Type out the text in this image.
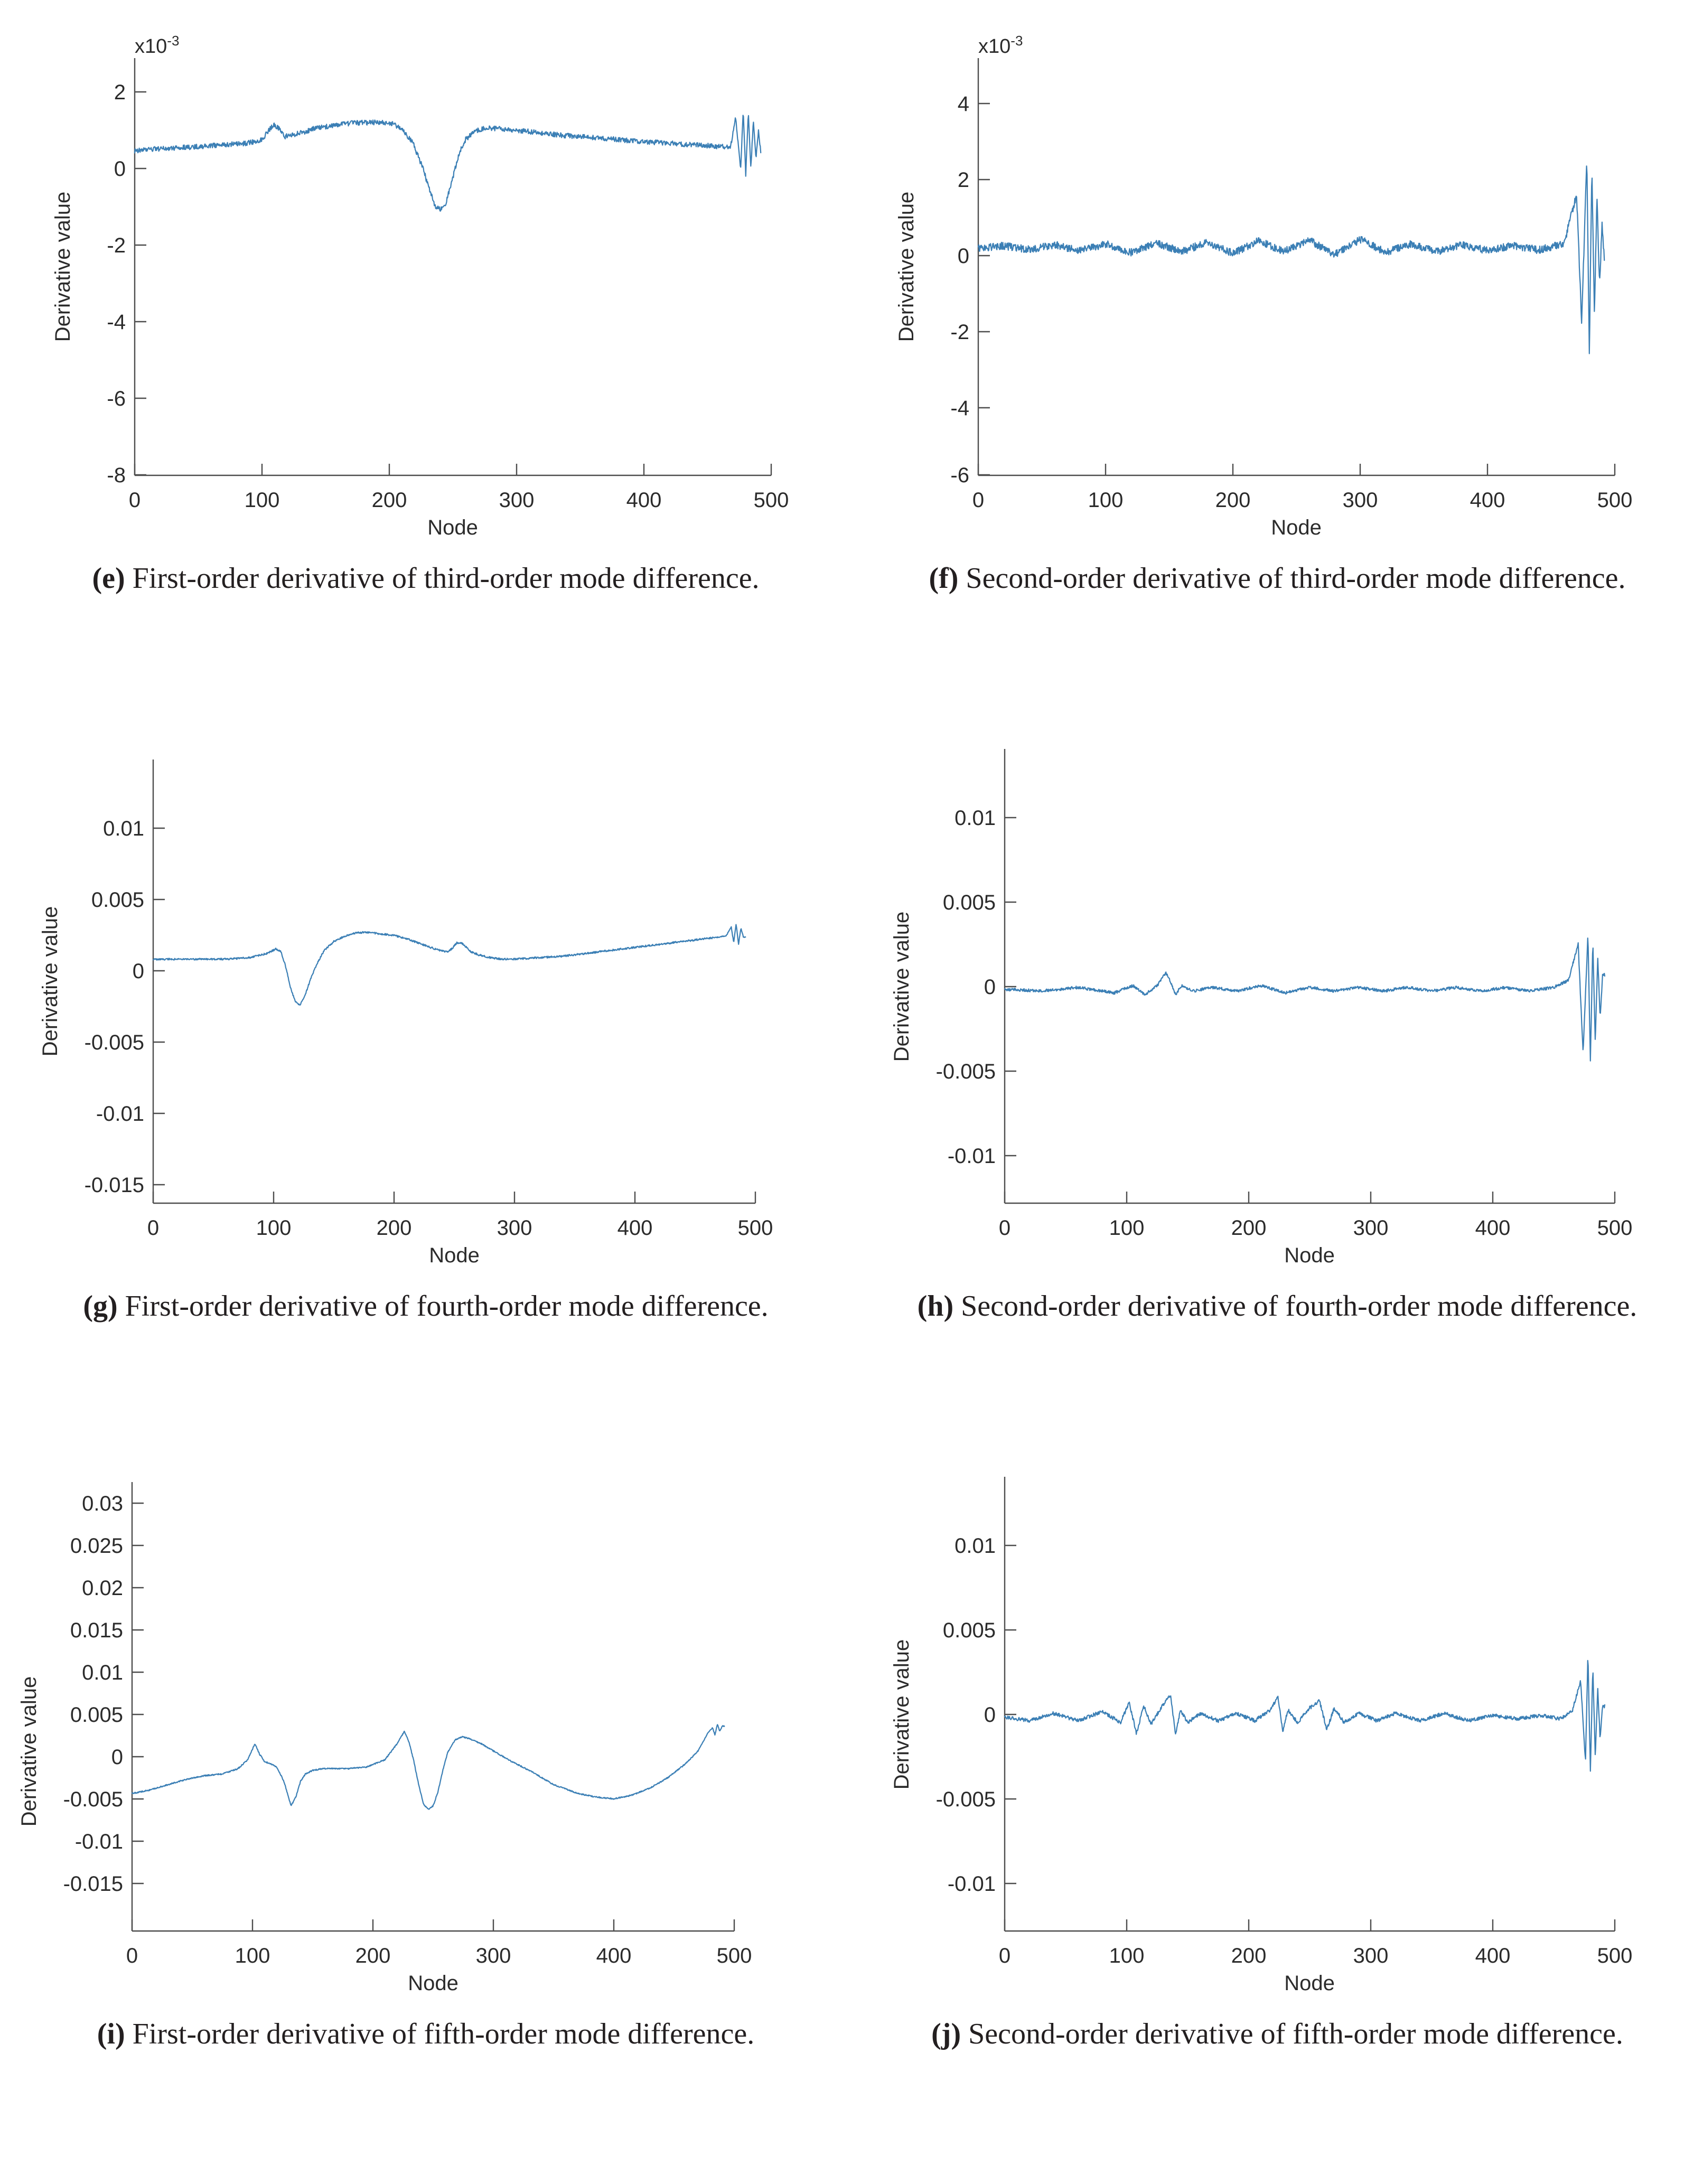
$x10^{-3}$
2
0
-2
-4
-6
-8
0	100	200	300	400	500
Node
Derivative value
(e) First-order derivative of third-order mode difference.
$x10^{-3}$
4
2
0
-2
-4
-6
0	100	200	300	400	500
Node
Derivative value
(f) Second-order derivative of third-order mode difference.
0.01
0.005
0
-0.005
-0.01
-0.015
0	100	200	300	400	500
Node
Derivative value
(g) First-order derivative of fourth-order mode difference.
0.01
0.005
0
-0.005
-0.01
0	100	200	300	400	500
Node
Derivative value
(h) Second-order derivative of fourth-order mode difference.
0.03
0.025
0.02
0.015
0.01
0.005
0
-0.005
-0.01
-0.015
0	100	200	300	400	500
Node
Derivative value
(i) First-order derivative of fifth-order mode difference.
0.01
0.005
0
-0.005
-0.01
0	100	200	300	400	500
Node
Derivative value
(j) Second-order derivative of fifth-order mode difference.
